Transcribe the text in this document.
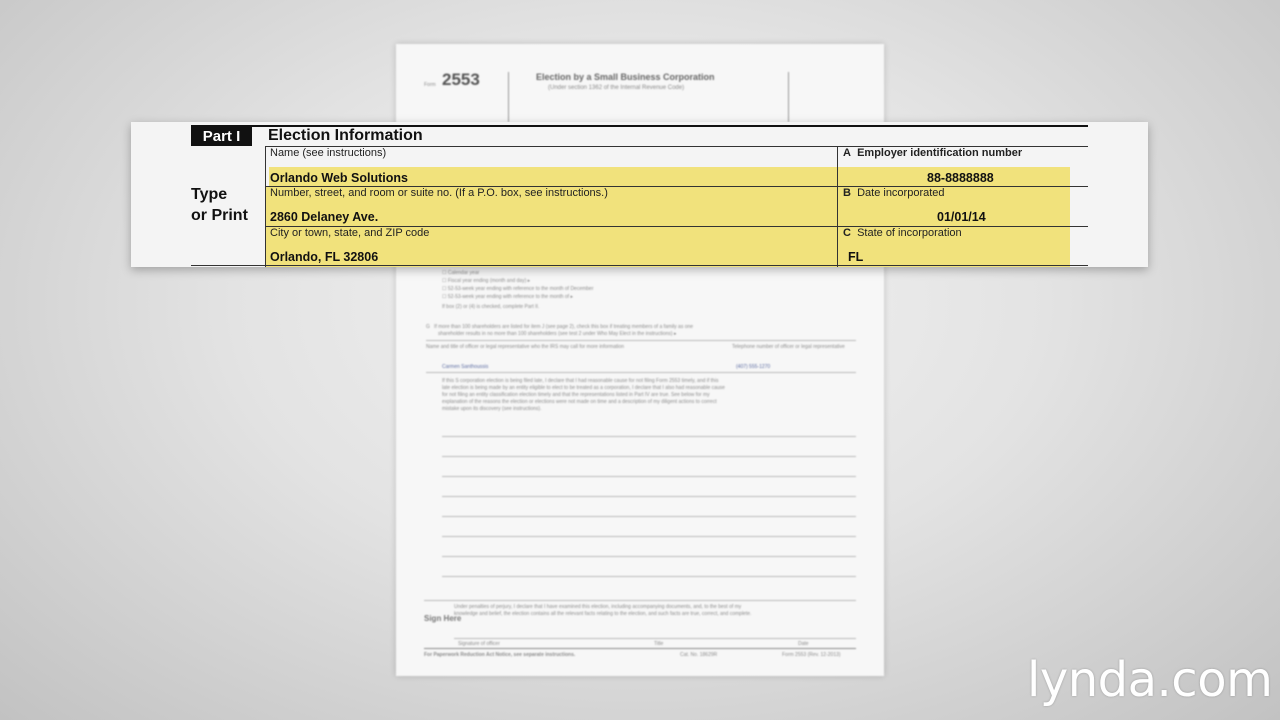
Form 2553	Election by a Small Business Corporation
(Under section 1362 of the Internal Revenue Code)
☐ Calendar year
☐ Fiscal year ending (month and day) ▸
☐ 52-53-week year ending with reference to the month of December
☐ 52-53-week year ending with reference to the month of ▸
If box (2) or (4) is checked, complete Part II.
G   If more than 100 shareholders are listed for item J (see page 2), check this box if treating members of a family as one
shareholder results in no more than 100 shareholders (see test 2 under Who May Elect in the instructions) ▸
Name and title of officer or legal representative who the IRS may call for more information	Telephone number of officer or legal representative
Carmen Santhoussis	(407) 555-1270
If this S corporation election is being filed late, I declare that I had reasonable cause for not filing Form 2553 timely, and if this
late election is being made by an entity eligible to elect to be treated as a corporation, I declare that I also had reasonable cause
for not filing an entity classification election timely and that the representations listed in Part IV are true. See below for my
explanation of the reasons the election or elections were not made on time and a description of my diligent actions to correct
mistake upon its discovery (see instructions).
Sign Here
Under penalties of perjury, I declare that I have examined this election, including accompanying documents, and, to the best of my
knowledge and belief, the election contains all the relevant facts relating to the election, and such facts are true, correct, and complete.
Signature of officer	Title	Date
For Paperwork Reduction Act Notice, see separate instructions.	Cat. No. 18629R	Form 2553 (Rev. 12-2013)
Part I	Election Information
Type
or Print
Name (see instructions)
Orlando Web Solutions
A Employer identification number
88-8888888
Number, street, and room or suite no. (If a P.O. box, see instructions.)
2860 Delaney Ave.
B Date incorporated
01/01/14
City or town, state, and ZIP code
Orlando, FL 32806
C State of incorporation
FL
lynda.com
